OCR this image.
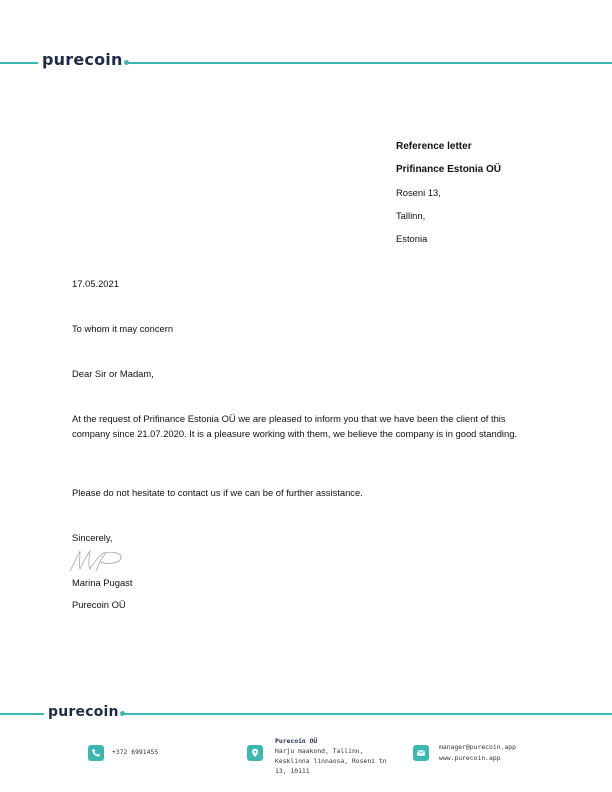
purecoin

Reference letter

Prifinance Estonia OÜ

Roseni 13,

Tallinn,

Estonia

17.05.2021

To whom it may concern

Dear Sir or Madam,

At the request of Prifinance Estonia OÜ we are pleased to inform you that we have been the client of this company since 21.07.2020. It is a pleasure working with them, we believe the company is in good standing.

Please do not hesitate to contact us if we can be of further assistance.

Sincerely,

Marina Pugast

Purecoin OÜ

purecoin

+372 6991455

Purecoin OÜ

Harju maakond, Tallinn,

Kesklinna linnaosa, Roseni tn

13, 10111

manager@purecoin.app

www.purecoin.app
